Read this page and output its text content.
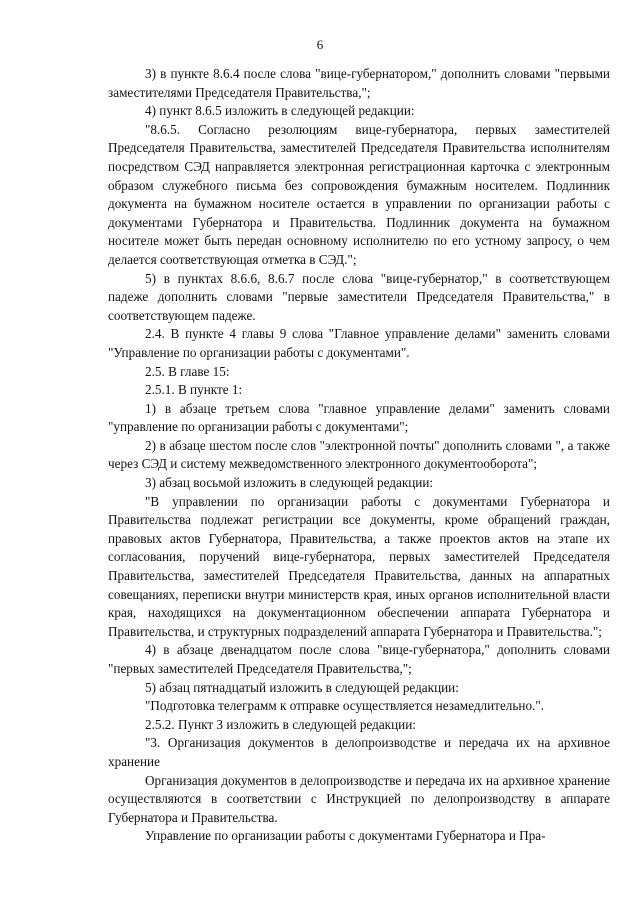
6

3) в пункте 8.6.4 после слова "вице-губернатором," дополнить словами "первыми заместителями Председателя Правительства,";

4) пункт 8.6.5 изложить в следующей редакции:

"8.6.5. Согласно резолюциям вице-губернатора, первых заместителей Председателя Правительства, заместителей Председателя Правительства исполнителям посредством СЭД направляется электронная регистрационная карточка с электронным образом служебного письма без сопровождения бумажным носителем. Подлинник документа на бумажном носителе остается в управлении по организации работы с документами Губернатора и Правительства. Подлинник документа на бумажном носителе может быть передан основному исполнителю по его устному запросу, о чем делается соответствующая отметка в СЭД.";

5) в пунктах 8.6.6, 8.6.7 после слова "вице-губернатор," в соответствующем падеже дополнить словами "первые заместители Председателя Правительства," в соответствующем падеже.

2.4. В пункте 4 главы 9 слова "Главное управление делами" заменить словами "Управление по организации работы с документами".

2.5. В главе 15:

2.5.1. В пункте 1:

1) в абзаце третьем слова "главное управление делами" заменить словами "управление по организации работы с документами";

2) в абзаце шестом после слов "электронной почты" дополнить словами ", а также через СЭД и систему межведомственного электронного документооборота";

3) абзац восьмой изложить в следующей редакции:

"В управлении по организации работы с документами Губернатора и Правительства подлежат регистрации все документы, кроме обращений граждан, правовых актов Губернатора, Правительства, а также проектов актов на этапе их согласования, поручений вице-губернатора, первых заместителей Председателя Правительства, заместителей Председателя Правительства, данных на аппаратных совещаниях, переписки внутри министерств края, иных органов исполнительной власти края, находящихся на документационном обеспечении аппарата Губернатора и Правительства, и структурных подразделений аппарата Губернатора и Правительства.";

4) в абзаце двенадцатом после слова "вице-губернатора," дополнить словами "первых заместителей Председателя Правительства,";

5) абзац пятнадцатый изложить в следующей редакции:

"Подготовка телеграмм к отправке осуществляется незамедлительно.".

2.5.2. Пункт 3 изложить в следующей редакции:

"3. Организация документов в делопроизводстве и передача их на архивное хранение

Организация документов в делопроизводстве и передача их на архивное хранение осуществляются в соответствии с Инструкцией по делопроизводству в аппарате Губернатора и Правительства.

Управление по организации работы с документами Губернатора и Пра-
